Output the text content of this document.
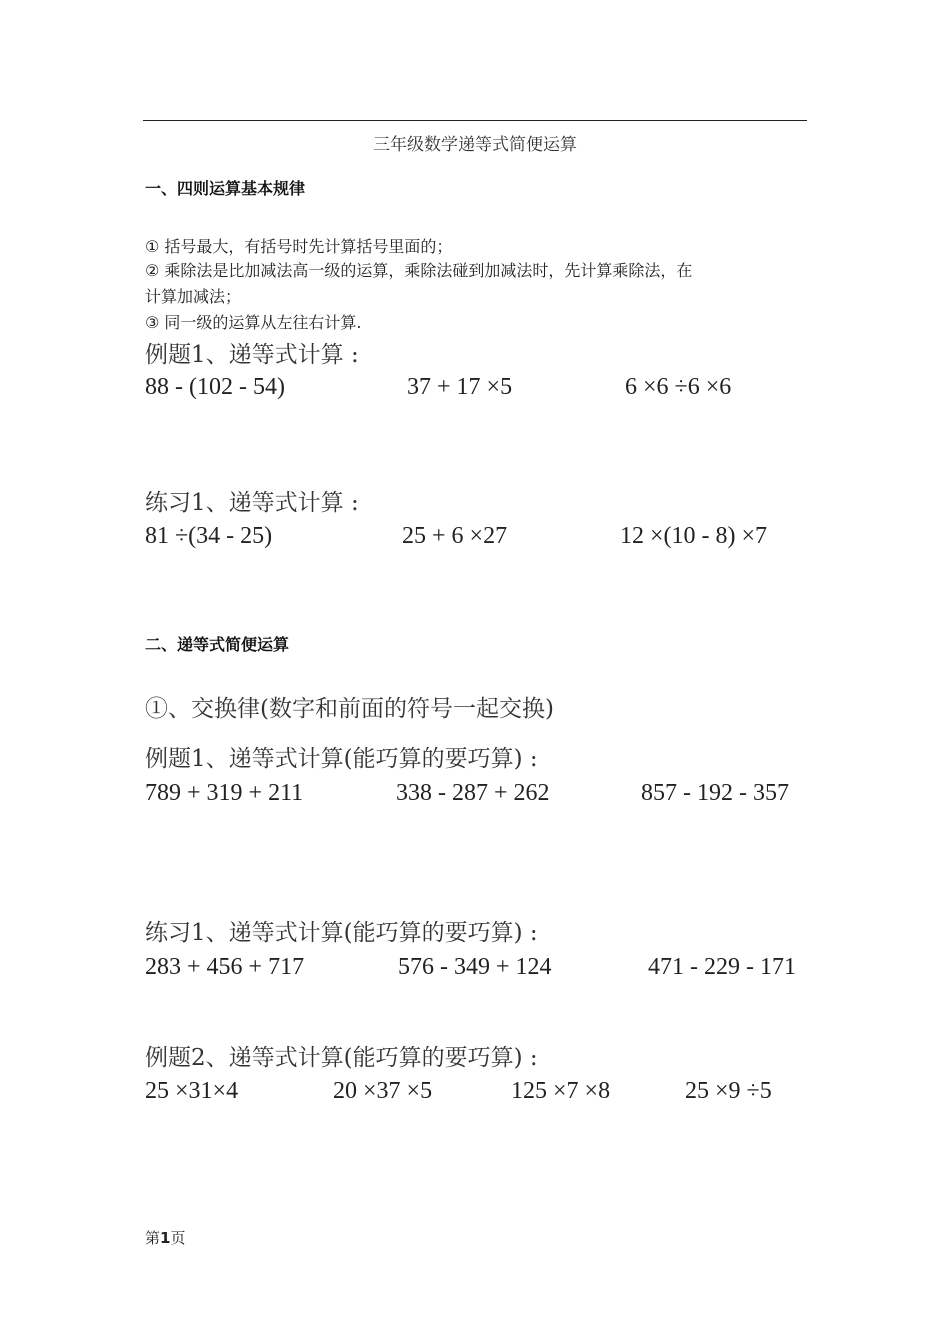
三年级数学递等式简便运算
一、四则运算基本规律
① 括号最大，有括号时先计算括号里面的；
② 乘除法是比加减法高一级的运算，乘除法碰到加减法时，先计算乘除法，在
计算加减法；
③ 同一级的运算从左往右计算.
例题1、递等式计算 :
88 - (102 - 54)	37 + 17 ×5	6 ×6 ÷6 ×6
练习1、递等式计算 :
81 ÷(34 - 25)	25 + 6 ×27	12 ×(10 - 8) ×7
二、递等式简便运算
①、交换律(数字和前面的符号一起交换)
例题1、递等式计算(能巧算的要巧算) :
789 + 319 + 211	338 - 287 + 262	857 - 192 - 357
练习1、递等式计算(能巧算的要巧算) :
283 + 456 + 717	576 - 349 + 124	471 - 229 - 171
例题2、递等式计算(能巧算的要巧算) :
25 ×31×4	20 ×37 ×5	125 ×7 ×8	25 ×9 ÷5
第1页
